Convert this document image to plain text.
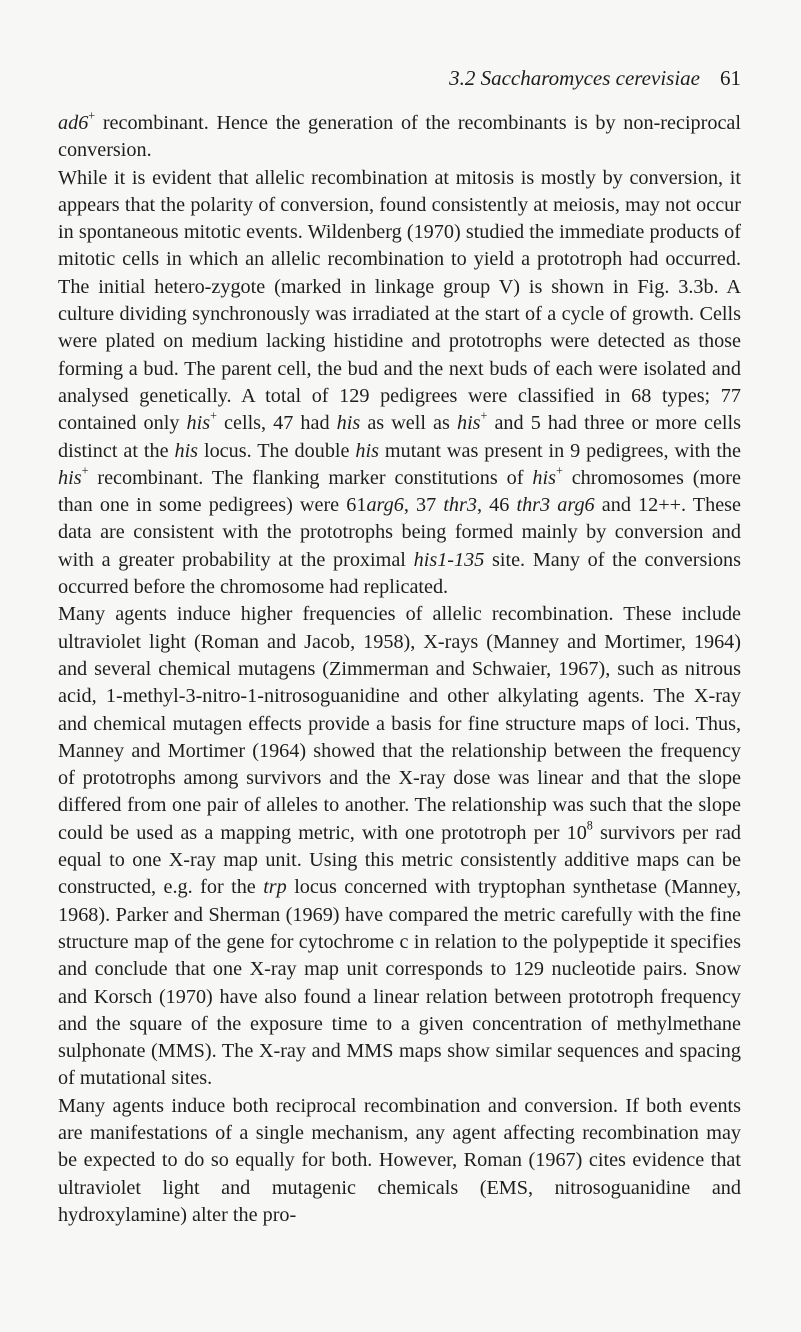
3.2 Saccharomyces cerevisiae 61

ad6+ recombinant. Hence the generation of the recombinants is by non-reciprocal conversion.

While it is evident that allelic recombination at mitosis is mostly by conversion, it appears that the polarity of conversion, found consistently at meiosis, may not occur in spontaneous mitotic events. Wildenberg (1970) studied the immediate products of mitotic cells in which an allelic recombination to yield a prototroph had occurred. The initial hetero-zygote (marked in linkage group V) is shown in Fig. 3.3b. A culture dividing synchronously was irradiated at the start of a cycle of growth. Cells were plated on medium lacking histidine and prototrophs were detected as those forming a bud. The parent cell, the bud and the next buds of each were isolated and analysed genetically. A total of 129 pedigrees were classified in 68 types; 77 contained only his+ cells, 47 had his as well as his+ and 5 had three or more cells distinct at the his locus. The double his mutant was present in 9 pedigrees, with the his+ recombinant. The flanking marker constitutions of his+ chromosomes (more than one in some pedigrees) were 61arg6, 37 thr3, 46 thr3 arg6 and 12++. These data are consistent with the prototrophs being formed mainly by conversion and with a greater probability at the proximal his1-135 site. Many of the conversions occurred before the chromosome had replicated.

Many agents induce higher frequencies of allelic recombination. These include ultraviolet light (Roman and Jacob, 1958), X-rays (Manney and Mortimer, 1964) and several chemical mutagens (Zimmerman and Schwaier, 1967), such as nitrous acid, 1-methyl-3-nitro-1-nitrosoguanidine and other alkylating agents. The X-ray and chemical mutagen effects provide a basis for fine structure maps of loci. Thus, Manney and Mortimer (1964) showed that the relationship between the frequency of prototrophs among survivors and the X-ray dose was linear and that the slope differed from one pair of alleles to another. The relationship was such that the slope could be used as a mapping metric, with one prototroph per $10^8$ survivors per rad equal to one X-ray map unit. Using this metric consistently additive maps can be constructed, e.g. for the trp locus concerned with tryptophan synthetase (Manney, 1968). Parker and Sherman (1969) have compared the metric carefully with the fine structure map of the gene for cytochrome c in relation to the polypeptide it specifies and conclude that one X-ray map unit corresponds to 129 nucleotide pairs. Snow and Korsch (1970) have also found a linear relation between prototroph frequency and the square of the exposure time to a given concentration of methylmethane sulphonate (MMS). The X-ray and MMS maps show similar sequences and spacing of mutational sites.

Many agents induce both reciprocal recombination and conversion. If both events are manifestations of a single mechanism, any agent affecting recombination may be expected to do so equally for both. However, Roman (1967) cites evidence that ultraviolet light and mutagenic chemicals (EMS, nitrosoguanidine and hydroxylamine) alter the pro-
